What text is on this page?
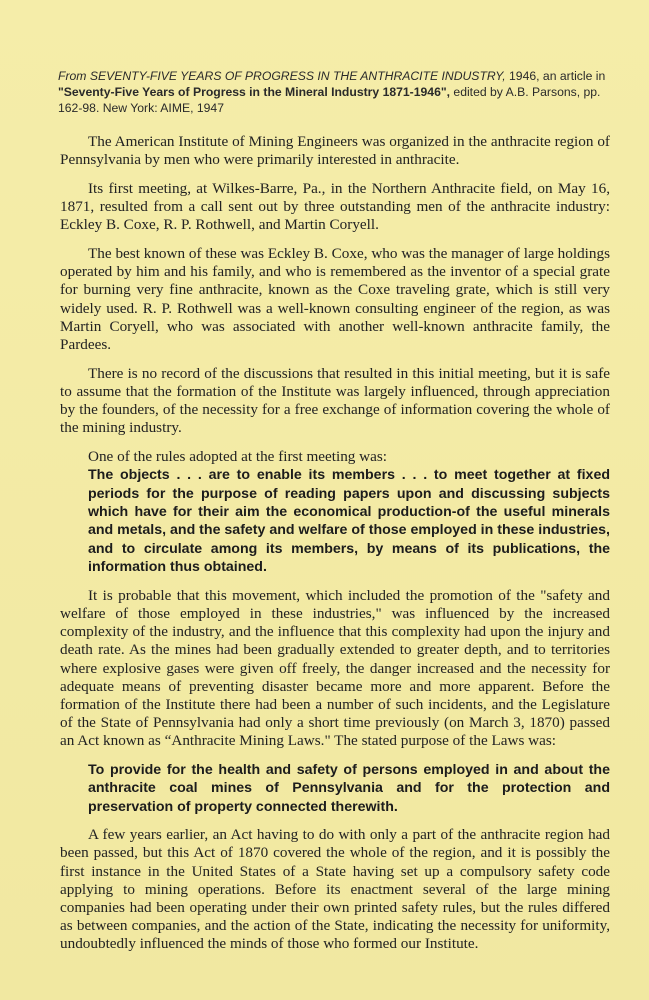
From SEVENTY-FIVE YEARS OF PROGRESS IN THE ANTHRACITE INDUSTRY, 1946, an article in "Seventy-Five Years of Progress in the Mineral Industry 1871-1946", edited by A.B. Parsons, pp. 162-98. New York: AIME, 1947

The American Institute of Mining Engineers was organized in the anthracite region of Pennsylvania by men who were primarily interested in anthracite.

Its first meeting, at Wilkes-Barre, Pa., in the Northern Anthracite field, on May 16, 1871, resulted from a call sent out by three outstanding men of the anthracite industry: Eckley B. Coxe, R. P. Rothwell, and Martin Coryell.

The best known of these was Eckley B. Coxe, who was the manager of large holdings operated by him and his family, and who is remembered as the inventor of a special grate for burning very fine anthracite, known as the Coxe traveling grate, which is still very widely used. R. P. Rothwell was a well-known consulting engineer of the region, as was Martin Coryell, who was associated with another well-known anthracite family, the Pardees.

There is no record of the discussions that resulted in this initial meeting, but it is safe to assume that the formation of the Institute was largely influenced, through appreciation by the founders, of the necessity for a free exchange of information covering the whole of the mining industry.

One of the rules adopted at the first meeting was:

The objects . . . are to enable its members . . . to meet together at fixed periods for the purpose of reading papers upon and discussing subjects which have for their aim the economical production-of the useful minerals and metals, and the safety and welfare of those employed in these industries, and to circulate among its members, by means of its publications, the information thus obtained.

It is probable that this movement, which included the promotion of the "safety and welfare of those employed in these industries," was influenced by the increased complexity of the industry, and the influence that this complexity had upon the injury and death rate. As the mines had been gradually extended to greater depth, and to territories where explosive gases were given off freely, the danger increased and the necessity for adequate means of preventing disaster became more and more apparent. Before the formation of the Institute there had been a number of such incidents, and the Legislature of the State of Pennsylvania had only a short time previously (on March 3, 1870) passed an Act known as “Anthracite Mining Laws." The stated purpose of the Laws was:

To provide for the health and safety of persons employed in and about the anthracite coal mines of Pennsylvania and for the protection and preservation of property connected therewith.

A few years earlier, an Act having to do with only a part of the anthracite region had been passed, but this Act of 1870 covered the whole of the region, and it is possibly the first instance in the United States of a State having set up a compulsory safety code applying to mining operations. Before its enactment several of the large mining companies had been operating under their own printed safety rules, but the rules differed as between companies, and the action of the State, indicating the necessity for uniformity, undoubtedly influenced the minds of those who formed our Institute.
